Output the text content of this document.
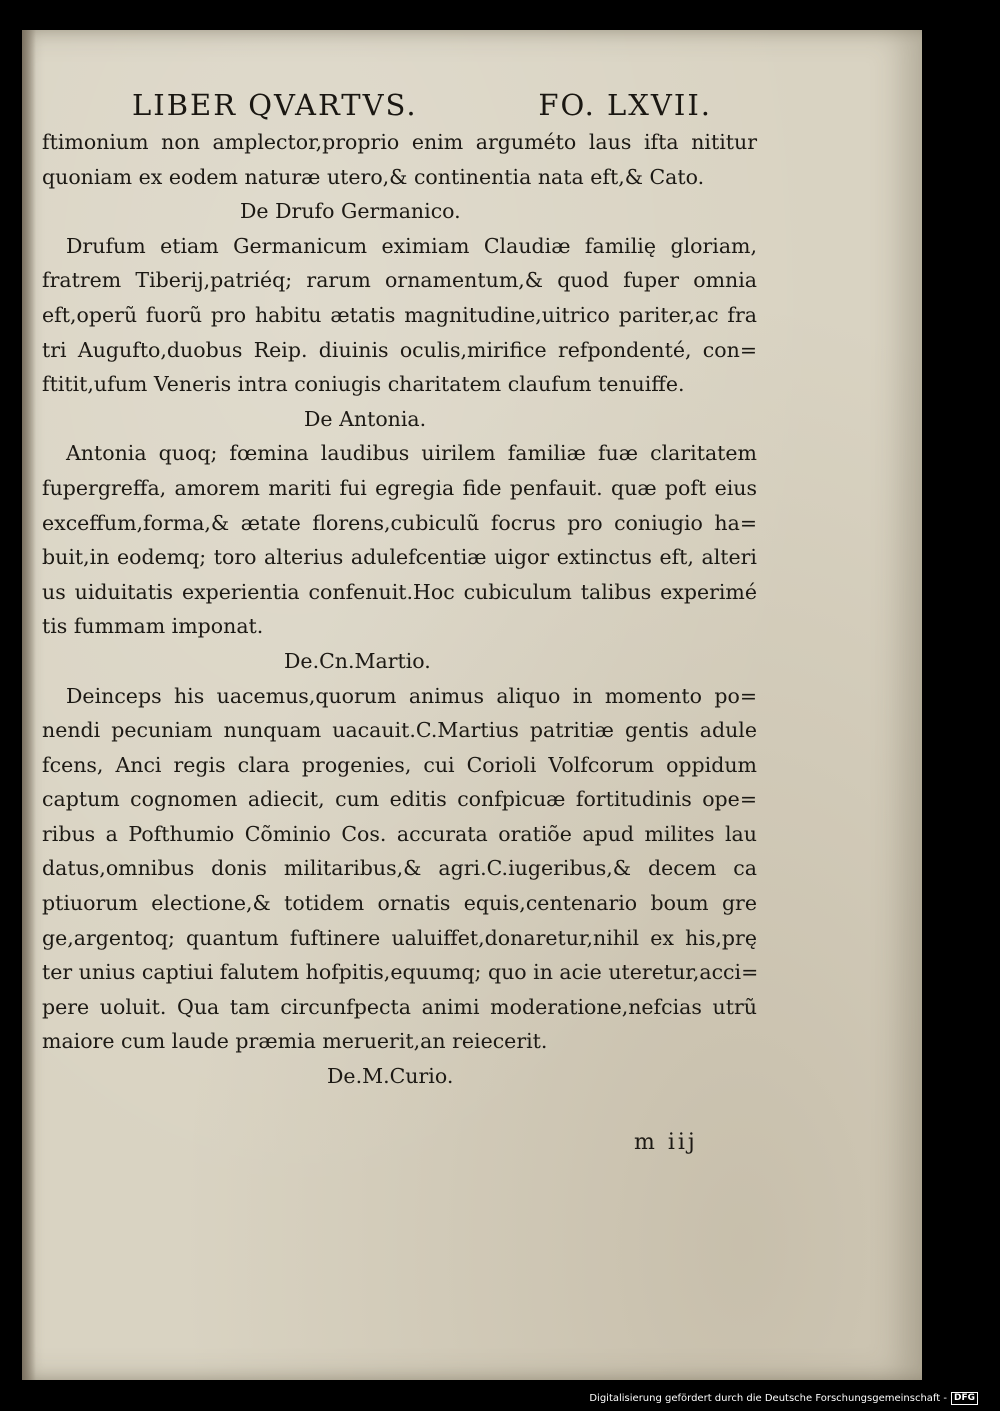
LIBER QVARTVS.	FO. LXVII.
ftimonium non amplector,proprio enim arguméto laus ifta nititur
quoniam ex eodem naturæ utero,& continentia nata eft,& Cato.
De Drufo Germanico.
Drufum etiam Germanicum eximiam Claudiæ familię gloriam,
fratrem Tiberij,patriéq; rarum ornamentum,& quod fuper omnia
eft,operũ fuorũ pro habitu ætatis magnitudine,uitrico pariter,ac fra
tri Augufto,duobus Reip. diuinis oculis,mirifice refpondenté, con=
ftitit,ufum Veneris intra coniugis charitatem claufum tenuiffe.
De Antonia.
Antonia quoq; fœmina laudibus uirilem familiæ fuæ claritatem
fupergreffa, amorem mariti fui egregia fide penfauit. quæ poft eius
exceffum,forma,& ætate florens,cubiculũ focrus pro coniugio ha=
buit,in eodemq; toro alterius adulefcentiæ uigor extinctus eft, alteri
us uiduitatis experientia confenuit.Hoc cubiculum talibus experimé
tis fummam imponat.
De.Cn.Martio.
Deinceps his uacemus,quorum animus aliquo in momento po=
nendi pecuniam nunquam uacauit.C.Martius patritiæ gentis adule
fcens, Anci regis clara progenies, cui Corioli Volfcorum oppidum
captum cognomen adiecit, cum editis confpicuæ fortitudinis ope=
ribus a Pofthumio Cõminio Cos. accurata oratiõe apud milites lau
datus,omnibus donis militaribus,& agri.C.iugeribus,& decem ca
ptiuorum electione,& totidem ornatis equis,centenario boum gre
ge,argentoq; quantum fuftinere ualuiffet,donaretur,nihil ex his,prę
ter unius captiui falutem hofpitis,equumq; quo in acie uteretur,acci=
pere uoluit. Qua tam circunfpecta animi moderatione,nefcias utrũ
maiore cum laude præmia meruerit,an reiecerit.
De.M.Curio.
m iij
Digitalisierung gefördert durch die Deutsche Forschungsgemeinschaft - DFG
